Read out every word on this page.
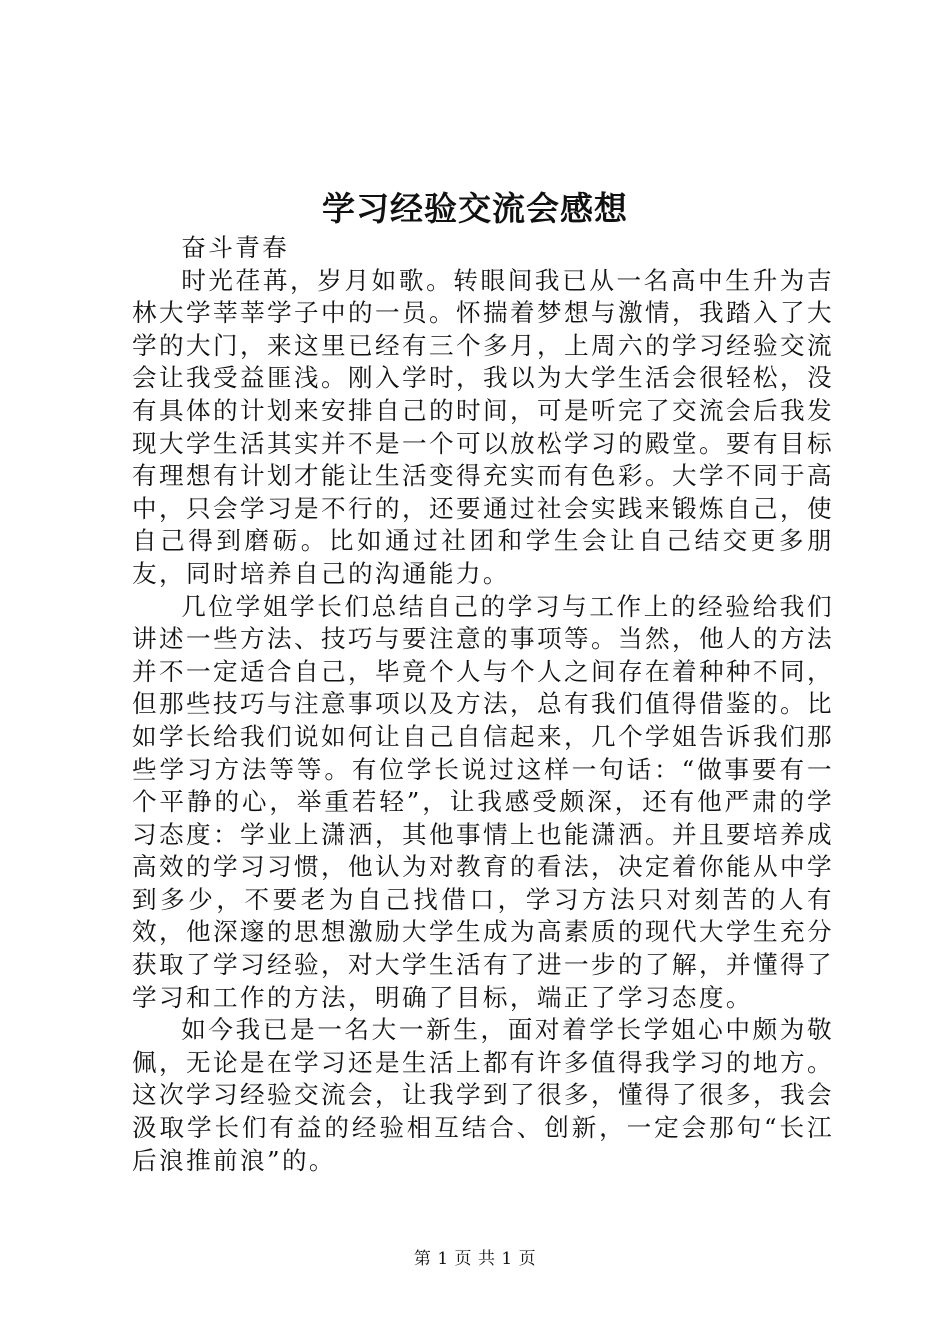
学习经验交流会感想
奋斗青春

时光荏苒，岁月如歌。转眼间我已从一名高中生升为吉林大学莘莘学子中的一员。怀揣着梦想与激情，我踏入了大学的大门，来这里已经有三个多月，上周六的学习经验交流会让我受益匪浅。刚入学时，我以为大学生活会很轻松，没有具体的计划来安排自己的时间，可是听完了交流会后我发现大学生活其实并不是一个可以放松学习的殿堂。要有目标有理想有计划才能让生活变得充实而有色彩。大学不同于高中，只会学习是不行的，还要通过社会实践来锻炼自己，使自己得到磨砺。比如通过社团和学生会让自己结交更多朋友，同时培养自己的沟通能力。

几位学姐学长们总结自己的学习与工作上的经验给我们讲述一些方法、技巧与要注意的事项等。当然，他人的方法并不一定适合自己，毕竟个人与个人之间存在着种种不同，但那些技巧与注意事项以及方法，总有我们值得借鉴的。比如学长给我们说如何让自己自信起来，几个学姐告诉我们那些学习方法等等。有位学长说过这样一句话：“做事要有一个平静的心，举重若轻”，让我感受颇深，还有他严肃的学习态度：学业上潇洒，其他事情上也能潇洒。并且要培养成高效的学习习惯，他认为对教育的看法，决定着你能从中学到多少，不要老为自己找借口，学习方法只对刻苦的人有效，他深邃的思想激励大学生成为高素质的现代大学生充分获取了学习经验，对大学生活有了进一步的了解，并懂得了学习和工作的方法，明确了目标，端正了学习态度。

如今我已是一名大一新生，面对着学长学姐心中颇为敬佩，无论是在学习还是生活上都有许多值得我学习的地方。这次学习经验交流会，让我学到了很多，懂得了很多，我会汲取学长们有益的经验相互结合、创新，一定会那句“长江后浪推前浪”的。

第 1 页 共 1 页
